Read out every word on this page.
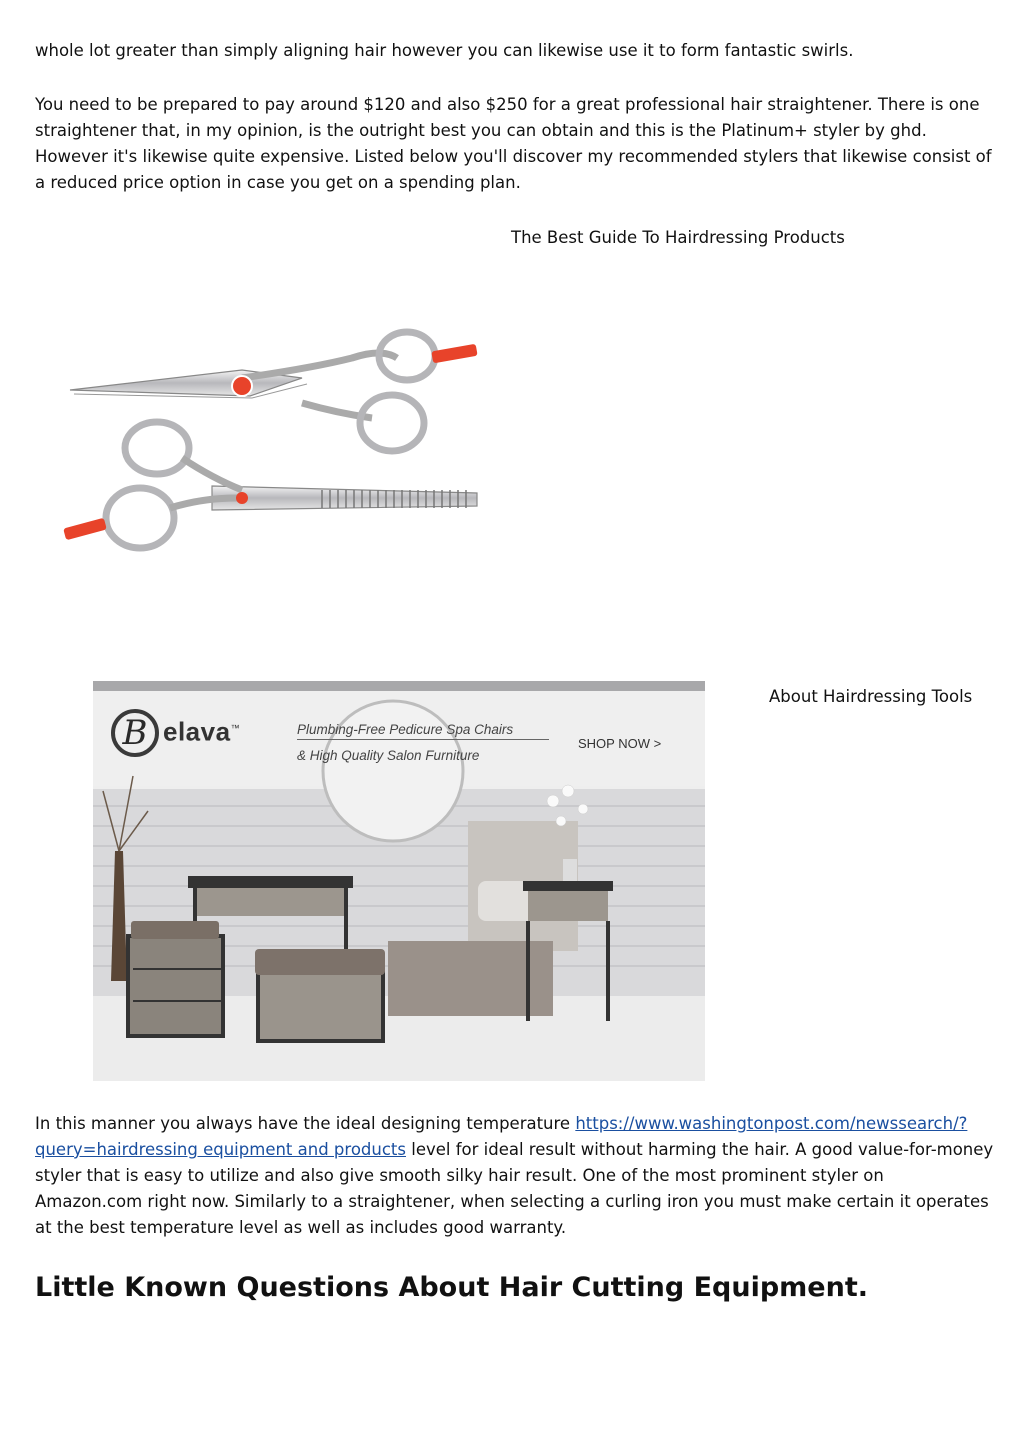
whole lot greater than simply aligning hair however you can likewise use it to form fantastic swirls.

You need to be prepared to pay around $120 and also $250 for a great professional hair straightener. There is one straightener that, in my opinion, is the outright best you can obtain and this is the Platinum+ styler by ghd. However it's likewise quite expensive. Listed below you'll discover my recommended stylers that likewise consist of a reduced price option in case you get on a spending plan.

The Best Guide To Hairdressing Products
About Hairdressing Tools
B elava™	Plumbing-Free Pedicure Spa Chairs
& High Quality Salon Furniture
SHOP NOW >

In this manner you always have the ideal designing temperature https://www.washingtonpost.com/newssearch/?query=hairdressing equipment and products level for ideal result without harming the hair. A good value-for-money styler that is easy to utilize and also give smooth silky hair result. One of the most prominent styler on Amazon.com right now. Similarly to a straightener, when selecting a curling iron you must make certain it operates at the best temperature level as well as includes good warranty.

Little Known Questions About Hair Cutting Equipment.
